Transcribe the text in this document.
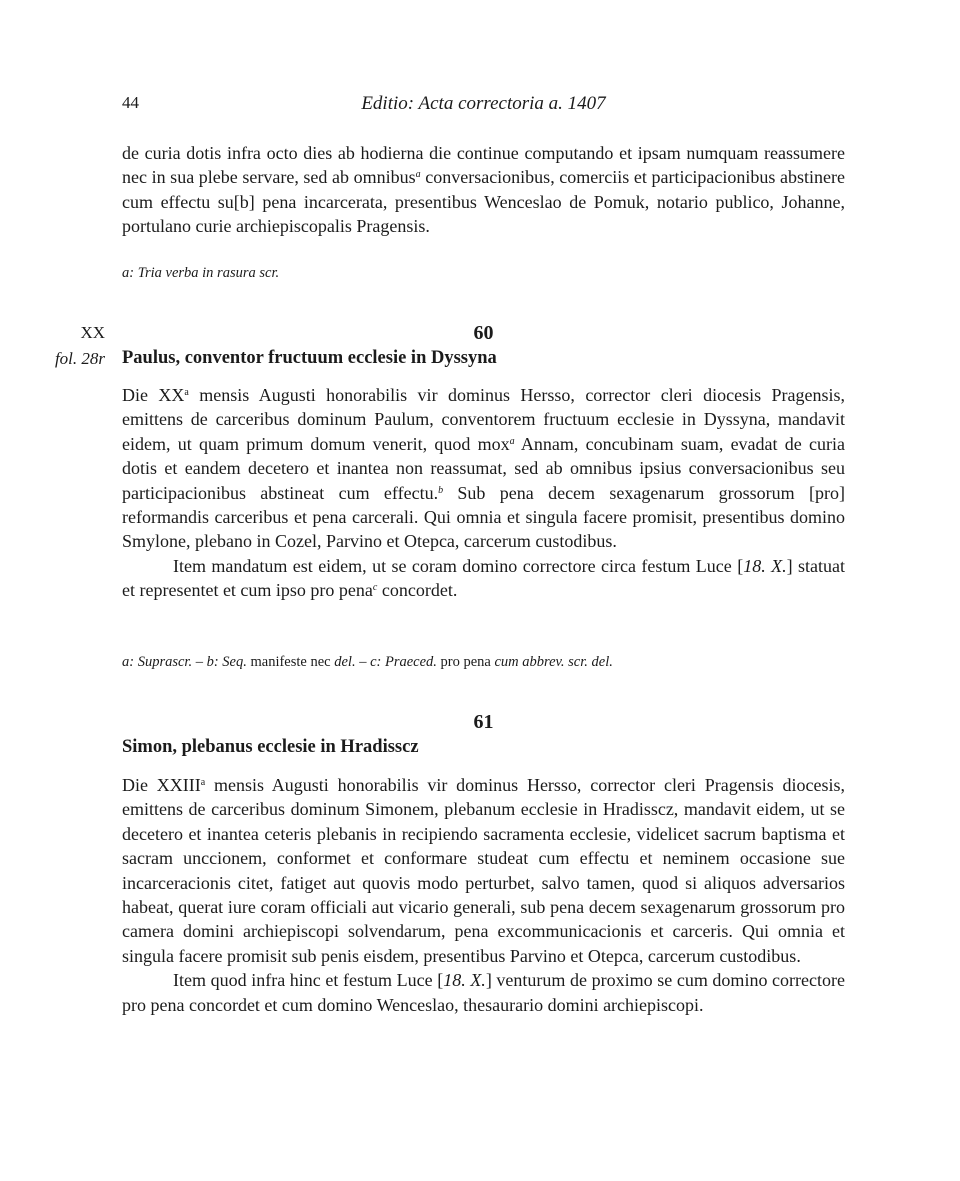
44	Editio: Acta correctoria a. 1407

de curia dotis infra octo dies ab hodierna die continue computando et ipsam numquam reassumere nec in sua plebe servare, sed ab omnibus$^a$ conversacionibus, comerciis et participacionibus abstinere cum effectu su[b] pena incarcerata, presentibus Wenceslao de Pomuk, notario publico, Johanne, portulano curie archiepiscopalis Pragensis.

a: Tria verba in rasura scr.
XX
fol. 28r
60
Paulus, conventor fructuum ecclesie in Dyssyna

Die $XX^a$ mensis Augusti honorabilis vir dominus Hersso, corrector cleri diocesis Pragensis, emittens de carceribus dominum Paulum, conventorem fructuum ecclesie in Dyssyna, mandavit eidem, ut quam primum domum venerit, quod mox$^a$ Annam, concubinam suam, evadat de curia dotis et eandem decetero et inantea non reassumat, sed ab omnibus ipsius conversacionibus seu participacionibus abstineat cum effectu.$^b$ Sub pena decem sexagenarum grossorum [pro] reformandis carceribus et pena carcerali. Qui omnia et singula facere promisit, presentibus domino Smylone, plebano in Cozel, Parvino et Otepca, carcerum custodibus.

Item mandatum est eidem, ut se coram domino correctore circa festum Luce [18. X.] statuat et representet et cum ipso pro pena$^c$ concordet.

a: Suprascr. – b: Seq. manifeste nec del. – c: Praeced. pro pena cum abbrev. scr. del.
61
Simon, plebanus ecclesie in Hradisscz

Die XXIII$^a$ mensis Augusti honorabilis vir dominus Hersso, corrector cleri Pragensis diocesis, emittens de carceribus dominum Simonem, plebanum ecclesie in Hradisscz, mandavit eidem, ut se decetero et inantea ceteris plebanis in recipiendo sacramenta ecclesie, videlicet sacrum baptisma et sacram unccionem, conformet et conformare studeat cum effectu et neminem occasione sue incarceracionis citet, fatiget aut quovis modo perturbet, salvo tamen, quod si aliquos adversarios habeat, querat iure coram officiali aut vicario generali, sub pena decem sexagenarum grossorum pro camera domini archiepiscopi solvendarum, pena excommunicacionis et carceris. Qui omnia et singula facere promisit sub penis eisdem, presentibus Parvino et Otepca, carcerum custodibus.

Item quod infra hinc et festum Luce [18. X.] venturum de proximo se cum domino correctore pro pena concordet et cum domino Wenceslao, thesaurario domini archiepiscopi.
